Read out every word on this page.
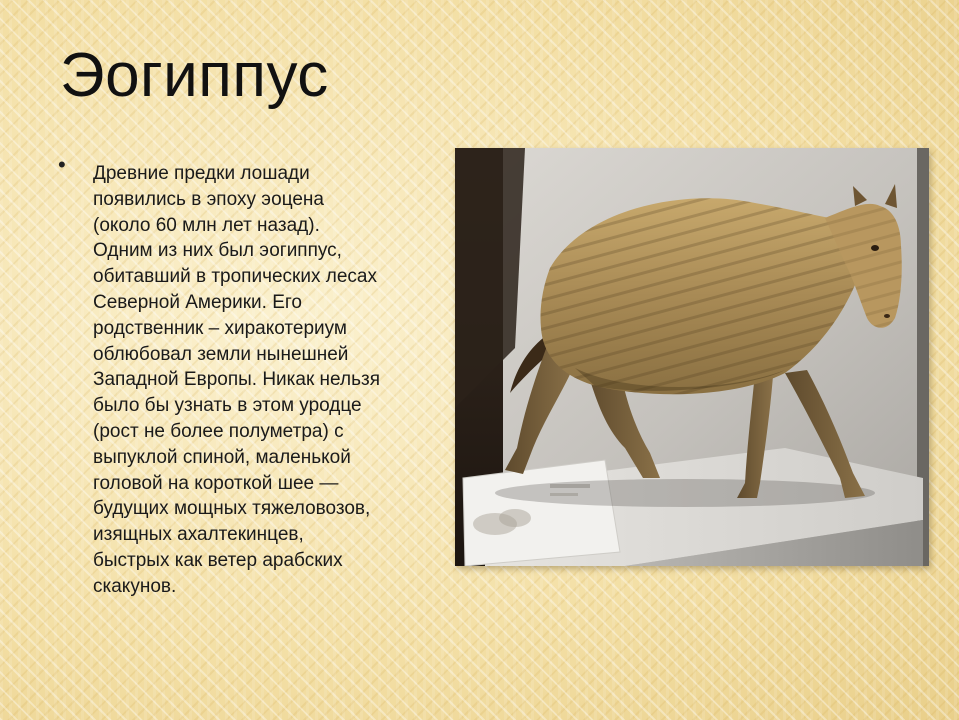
Эогиппус
• Древние предки лошади появились в эпоху эоцена (около 60 млн лет назад). Одним из них был эогиппус, обитавший в тропических лесах Северной Америки. Его родственник – хиракотериум облюбовал земли нынешней Западной Европы. Никак нельзя было бы узнать в этом уродце (рост не более полуметра) с выпуклой спиной, маленькой головой на короткой шее — будущих мощных тяжеловозов, изящных ахалтекинцев, быстрых как ветер арабских скакунов.
